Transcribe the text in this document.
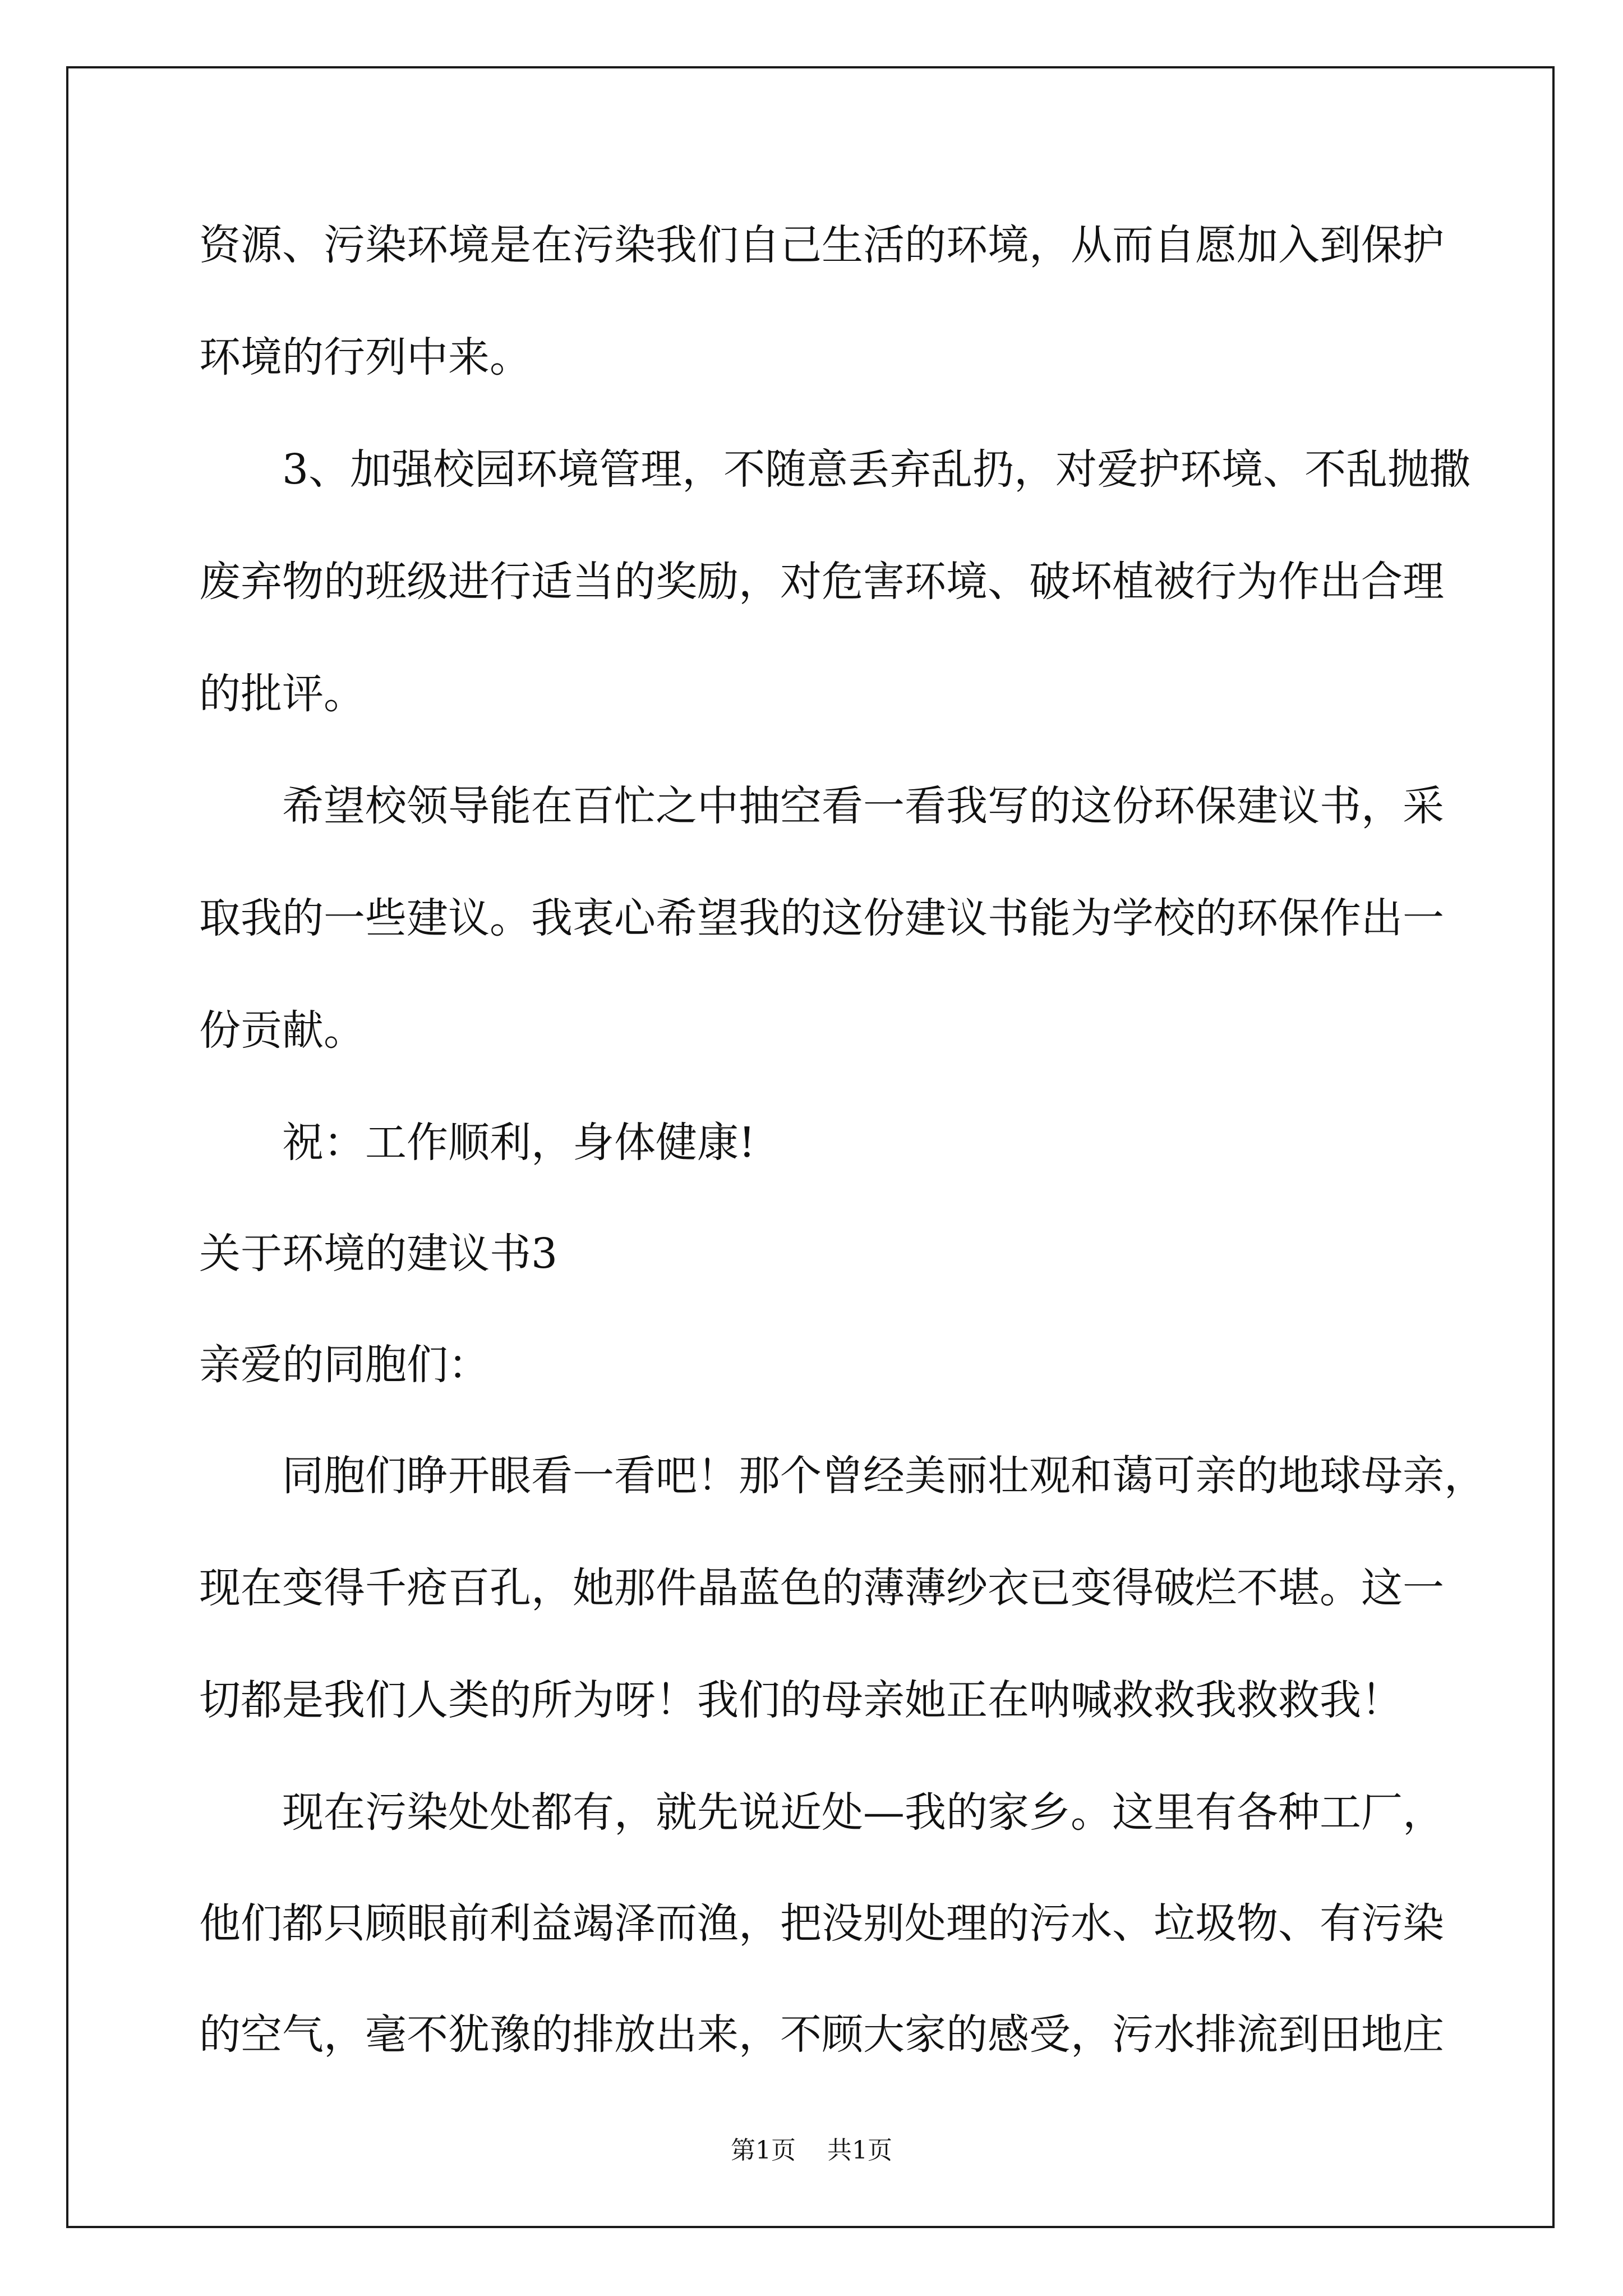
资源、污染环境是在污染我们自己生活的环境，从而自愿加入到保护
环境的行列中来。
3、加强校园环境管理，不随意丢弃乱扔，对爱护环境、不乱抛撒
废弃物的班级进行适当的奖励，对危害环境、破坏植被行为作出合理
的批评。
希望校领导能在百忙之中抽空看一看我写的这份环保建议书，采
取我的一些建议。我衷心希望我的这份建议书能为学校的环保作出一
份贡献。
祝：工作顺利，身体健康!
关于环境的建议书3
亲爱的同胞们：
同胞们睁开眼看一看吧！那个曾经美丽壮观和蔼可亲的地球母亲，
现在变得千疮百孔，她那件晶蓝色的薄薄纱衣已变得破烂不堪。这一
切都是我们人类的所为呀！我们的母亲她正在呐喊救救我救救我！
现在污染处处都有，就先说近处—我的家乡。这里有各种工厂，
他们都只顾眼前利益竭泽而渔，把没别处理的污水、垃圾物、有污染
的空气，毫不犹豫的排放出来，不顾大家的感受，污水排流到田地庄
第1页 共1页
